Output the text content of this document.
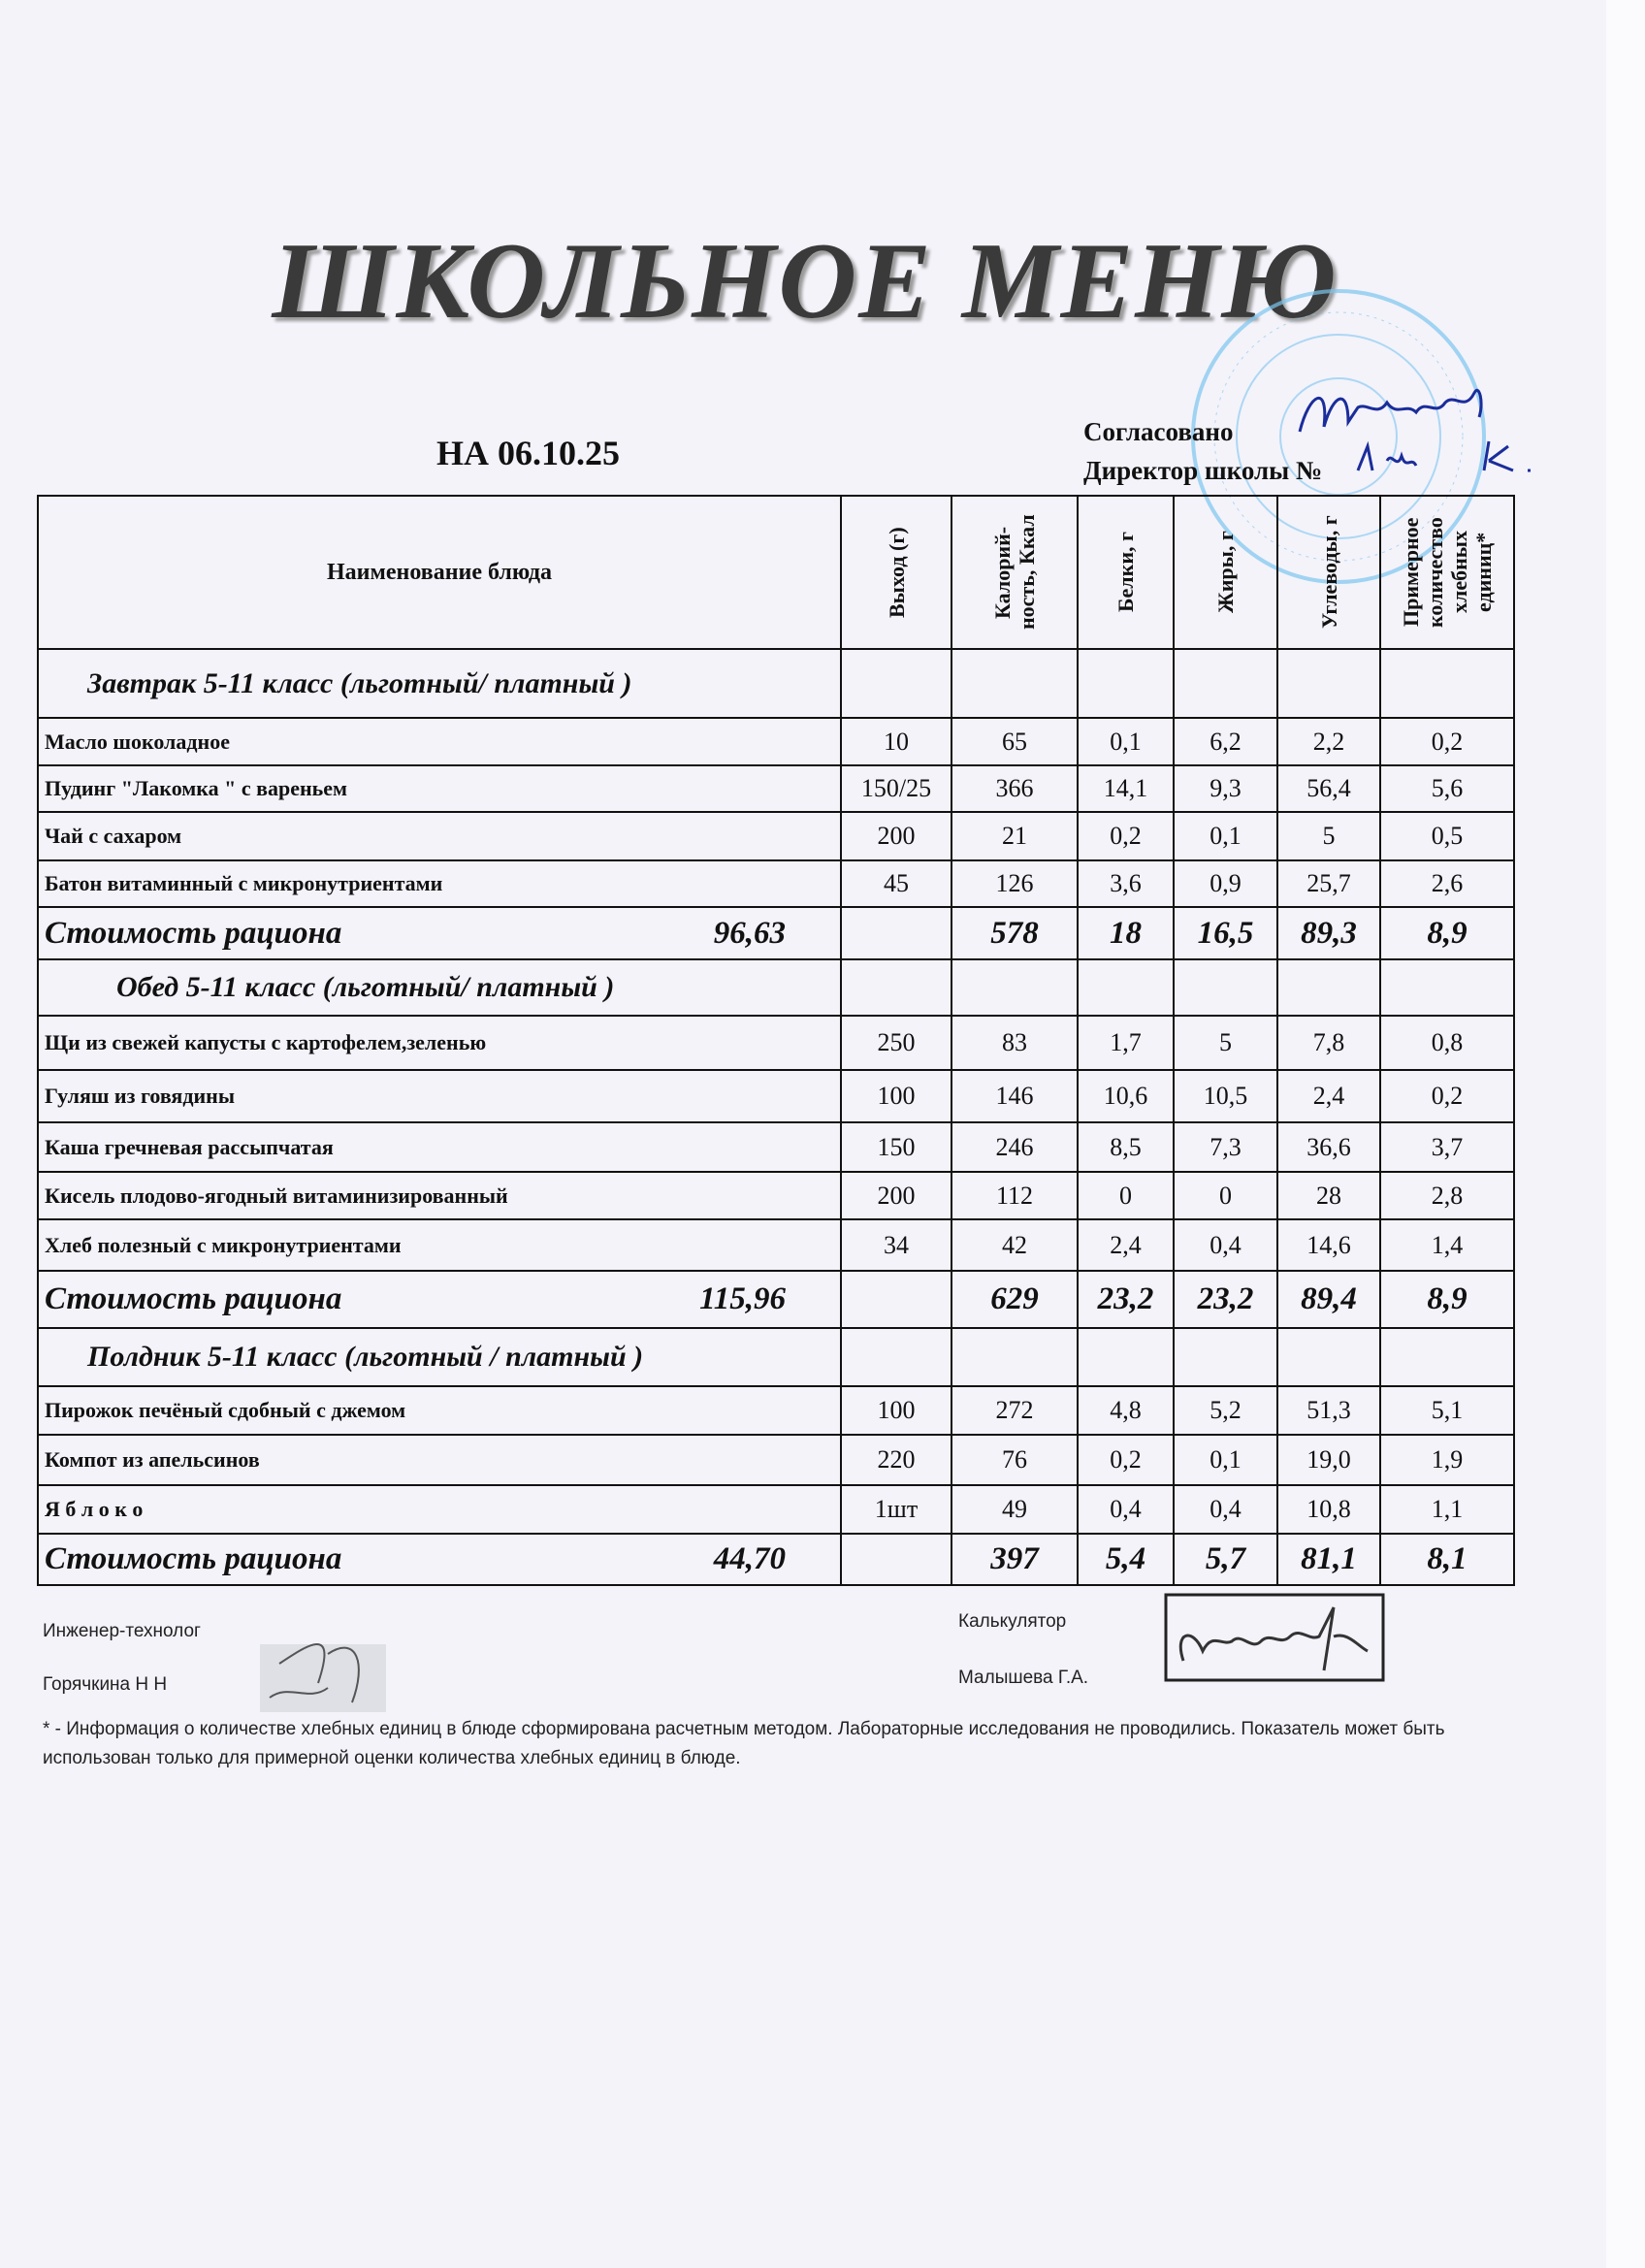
ШКОЛЬНОЕ МЕНЮ
НА 06.10.25
Согласовано
Директор школы №
Наименование блюда	Выход (г)	Калорий-ность, Ккал	Белки, г	Жиры, г	Углеводы, г	Примерное количество хлебных единиц*

Завтрак 5-11 класс (льготный/ платный )						
Масло шоколадное	10	65	0,1	6,2	2,2	0,2
Пудинг "Лакомка " с вареньем	150/25	366	14,1	9,3	56,4	5,6
Чай с сахаром	200	21	0,2	0,1	5	0,5
Батон витаминный с микронутриентами	45	126	3,6	0,9	25,7	2,6
Стоимость рациона 96,63		578	18	16,5	89,3	8,9
Обед 5-11 класс (льготный/ платный )						
Щи из свежей капусты с картофелем,зеленью	250	83	1,7	5	7,8	0,8
Гуляш из говядины	100	146	10,6	10,5	2,4	0,2
Каша гречневая рассыпчатая	150	246	8,5	7,3	36,6	3,7
Кисель плодово-ягодный витаминизированный	200	112	0	0	28	2,8
Хлеб полезный с микронутриентами	34	42	2,4	0,4	14,6	1,4
Стоимость рациона 115,96		629	23,2	23,2	89,4	8,9
Полдник 5-11 класс (льготный / платный )						
Пирожок печёный сдобный с джемом	100	272	4,8	5,2	51,3	5,1
Компот из апельсинов	220	76	0,2	0,1	19,0	1,9
Я б л о к о	1шт	49	0,4	0,4	10,8	1,1
Стоимость рациона 44,70		397	5,4	5,7	81,1	8,1
Инженер-технолог
Горячкина Н Н
Калькулятор
Малышева Г.А.
* - Информация о количестве хлебных единиц в блюде сформирована расчетным методом. Лабораторные исследования не проводились. Показатель может быть использован только для примерной оценки количества хлебных единиц в блюде.
